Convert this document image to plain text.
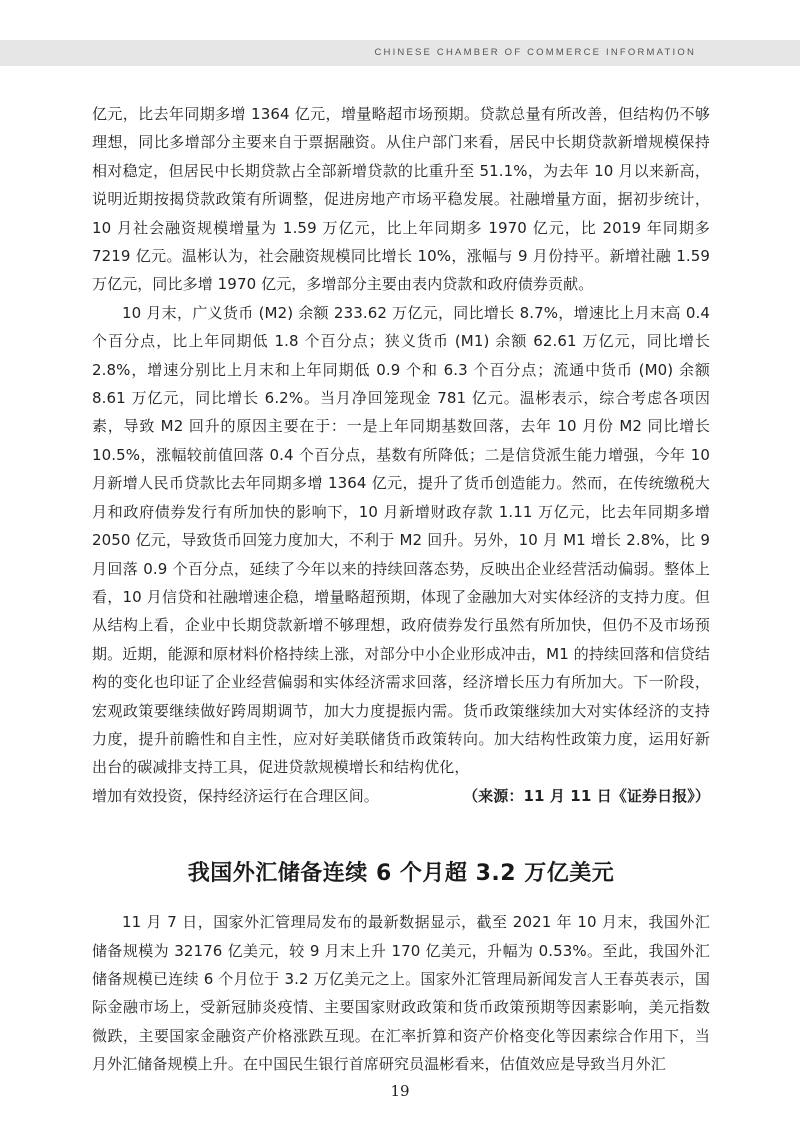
CHINESE CHAMBER OF COMMERCE INFORMATION

亿元，比去年同期多增 1364 亿元，增量略超市场预期。贷款总量有所改善，但结构仍不够理想，同比多增部分主要来自于票据融资。从住户部门来看，居民中长期贷款新增规模保持相对稳定，但居民中长期贷款占全部新增贷款的比重升至 51.1%，为去年 10 月以来新高，说明近期按揭贷款政策有所调整，促进房地产市场平稳发展。社融增量方面，据初步统计，10 月社会融资规模增量为 1.59 万亿元，比上年同期多 1970 亿元，比 2019 年同期多 7219 亿元。温彬认为，社会融资规模同比增长 10%，涨幅与 9 月份持平。新增社融 1.59 万亿元，同比多增 1970 亿元，多增部分主要由表内贷款和政府债券贡献。

10 月末，广义货币 (M2) 余额 233.62 万亿元，同比增长 8.7%，增速比上月末高 0.4 个百分点，比上年同期低 1.8 个百分点；狭义货币 (M1) 余额 62.61 万亿元，同比增长 2.8%，增速分别比上月末和上年同期低 0.9 个和 6.3 个百分点；流通中货币 (M0) 余额 8.61 万亿元，同比增长 6.2%。当月净回笼现金 781 亿元。温彬表示，综合考虑各项因素，导致 M2 回升的原因主要在于：一是上年同期基数回落，去年 10 月份 M2 同比增长 10.5%，涨幅较前值回落 0.4 个百分点，基数有所降低；二是信贷派生能力增强，今年 10 月新增人民币贷款比去年同期多增 1364 亿元，提升了货币创造能力。然而，在传统缴税大月和政府债券发行有所加快的影响下，10 月新增财政存款 1.11 万亿元，比去年同期多增 2050 亿元，导致货币回笼力度加大，不利于 M2 回升。另外，10 月 M1 增长 2.8%，比 9 月回落 0.9 个百分点，延续了今年以来的持续回落态势，反映出企业经营活动偏弱。整体上看，10 月信贷和社融增速企稳，增量略超预期，体现了金融加大对实体经济的支持力度。但从结构上看，企业中长期贷款新增不够理想，政府债券发行虽然有所加快，但仍不及市场预期。近期，能源和原材料价格持续上涨，对部分中小企业形成冲击，M1 的持续回落和信贷结构的变化也印证了企业经营偏弱和实体经济需求回落，经济增长压力有所加大。下一阶段，宏观政策要继续做好跨周期调节，加大力度提振内需。货币政策继续加大对实体经济的支持力度，提升前瞻性和自主性，应对好美联储货币政策转向。加大结构性政策力度，运用好新出台的碳减排支持工具，促进贷款规模增长和结构优化，

增加有效投资，保持经济运行在合理区间。	（来源：11 月 11 日《证券日报》）
我国外汇储备连续 6 个月超 3.2 万亿美元

11 月 7 日，国家外汇管理局发布的最新数据显示，截至 2021 年 10 月末，我国外汇储备规模为 32176 亿美元，较 9 月末上升 170 亿美元，升幅为 0.53%。至此，我国外汇储备规模已连续 6 个月位于 3.2 万亿美元之上。国家外汇管理局新闻发言人王春英表示，国际金融市场上，受新冠肺炎疫情、主要国家财政政策和货币政策预期等因素影响，美元指数微跌，主要国家金融资产价格涨跌互现。在汇率折算和资产价格变化等因素综合作用下，当月外汇储备规模上升。在中国民生银行首席研究员温彬看来，估值效应是导致当月外汇

19
